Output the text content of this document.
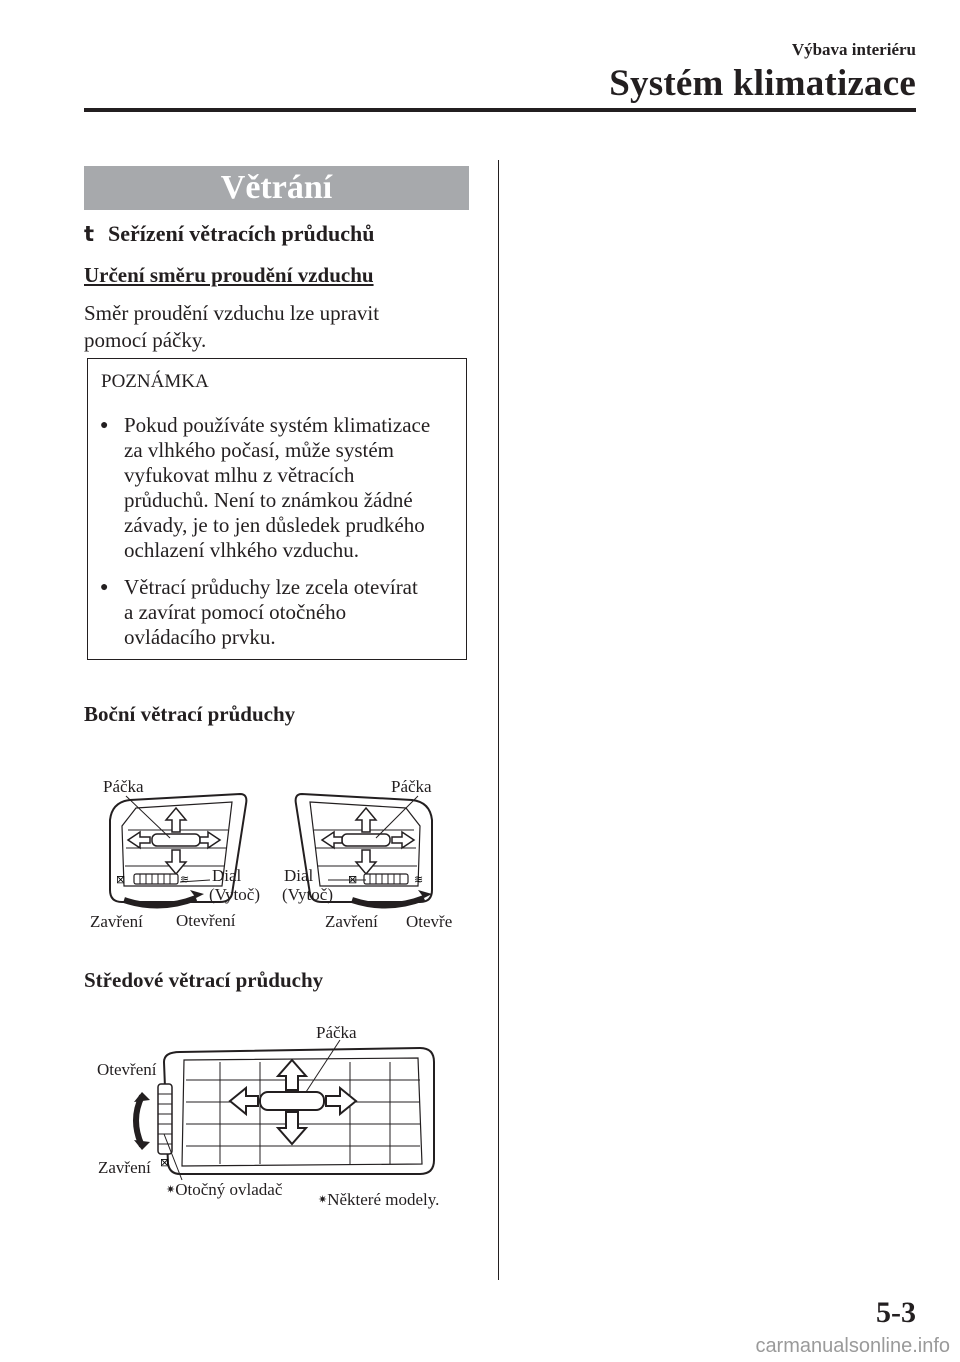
Výbava interiéru
Systém klimatizace
Větrání
t Seřízení větracích průduchů
Určení směru proudění vzduchu
Směr proudění vzduchu lze upravit
pomocí páčky.
POZNÁMKA
● Pokud používáte systém klimatizace
za vlhkého počasí, může systém
vyfukovat mlhu z větracích
průduchů. Není to známkou žádné
závady, je to jen důsledek prudkého
ochlazení vlhkého vzduchu.
● Větrací průduchy lze zcela otevírat
a zavírat pomocí otočného
ovládacího prvku.
Boční větrací průduchy
⊠	≋
Páčka
Dial
(Vytoč)
Zavření Otevření
⊠	≋
Páčka
Dial
(Vytoč)
Zavření Otevře
Středové větrací průduchy
⊠
Páčka
Otevření
Zavření
✷Otočný ovladač
✷Některé modely.
5-3
carmanualsonline.info
